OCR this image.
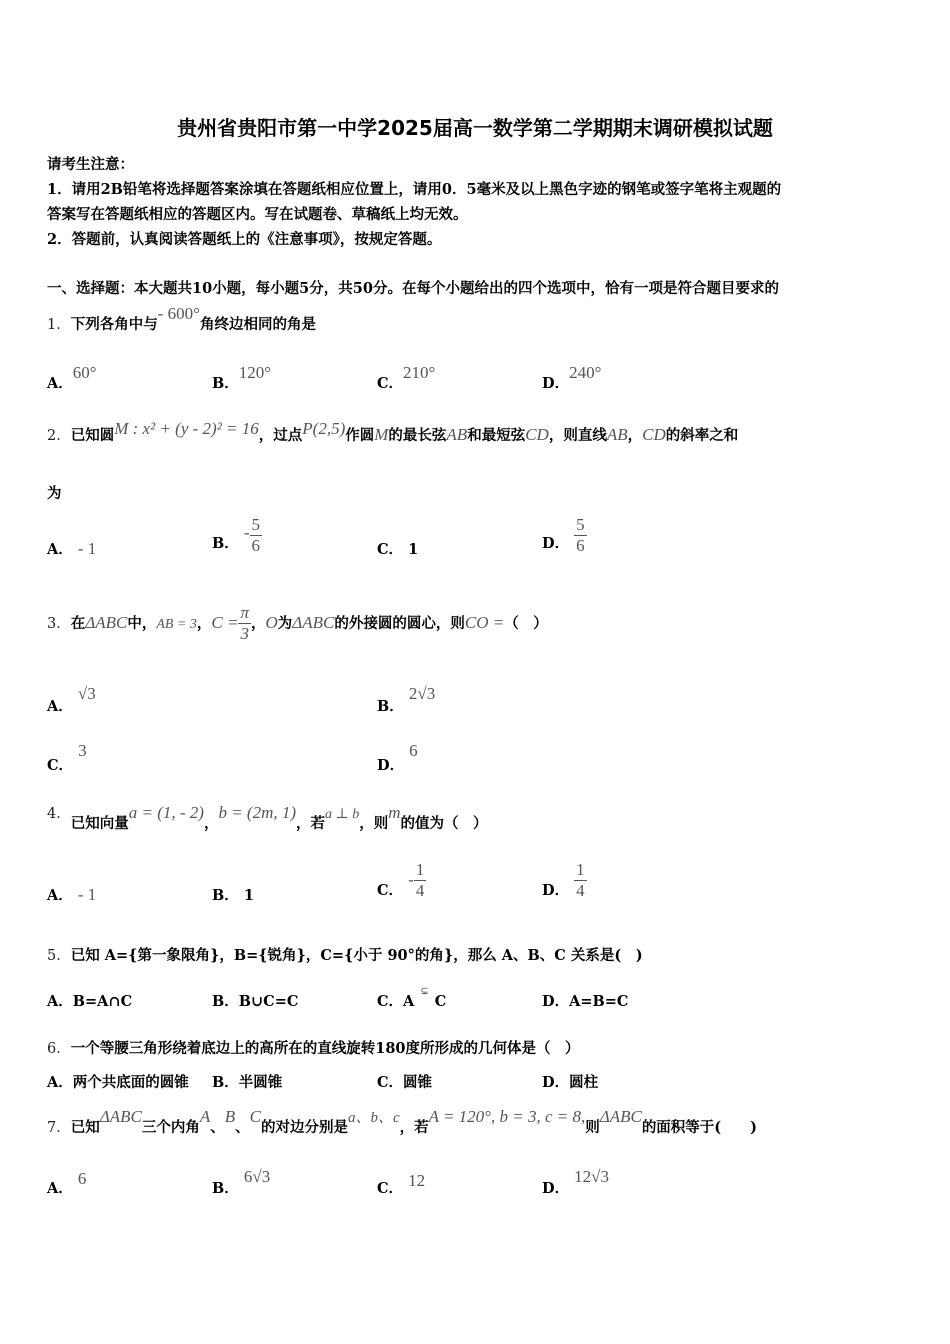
贵州省贵阳市第一中学2025届高一数学第二学期期末调研模拟试题
请考生注意：
1．请用2B铅笔将选择题答案涂填在答题纸相应位置上，请用0．5毫米及以上黑色字迹的钢笔或签字笔将主观题的
答案写在答题纸相应的答题区内。写在试题卷、草稿纸上均无效。
2．答题前，认真阅读答题纸上的《注意事项》，按规定答题。
一、选择题：本大题共10小题，每小题5分，共50分。在每个小题给出的四个选项中，恰有一项是符合题目要求的
1．下列各角中与- 600°角终边相同的角是
A．60°
B．120°
C．210°
D．240°
2．已知圆M : x² + (y - 2)² = 16，过点P(2,5)作圆M的最长弦AB和最短弦CD，则直线AB，CD的斜率之和
为
A． - 1	B． - $\frac{5}{6}$	C． 1	D． $\frac{5}{6}$
3．在ΔABC中，AB = 3，$C = \frac{\pi}{3}$ ，O为ΔABC的外接圆的圆心，则CO =（　）
A． √3
B． 2√3
C． 3
D． 6
4．已知向量a = (1, - 2)，b = (2m, 1)，若a ⊥ b，则m的值为（　）
A． - 1	B． 1	C． - $\frac{1}{4}$	D． $\frac{1}{4}$
5．已知 A={第一象限角}，B={锐角}，C={小于 90°的角}，那么 A、B、C 关系是(　)
A．B=A∩C	B．B∪C=C	C．A⊊C	D．A=B=C
6．一个等腰三角形绕着底边上的高所在的直线旋转180度所形成的几何体是（　）
A．两个共底面的圆锥 B．半圆锥	C．圆锥	D．圆柱
7．已知ΔABC三个内角A、B、C的对边分别是a、b、c，若A = 120°, b = 3, c = 8,则ΔABC的面积等于(　　)
A． 6
B． 6√3
C． 12	D． 12√3
